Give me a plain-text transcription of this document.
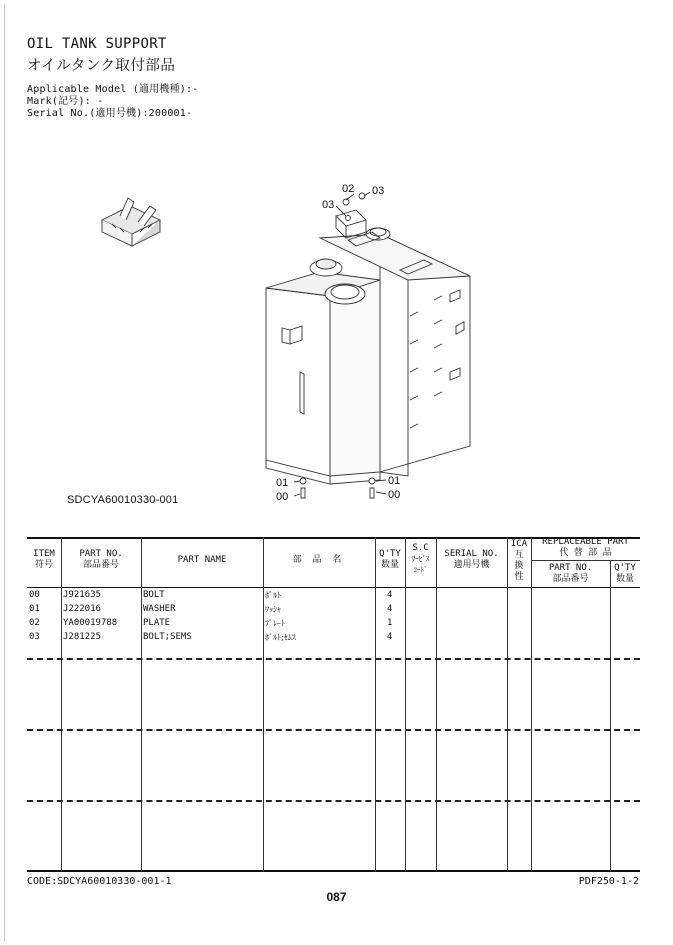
OIL TANK SUPPORT
オイルタンク取付部品
Applicable Model (適用機種):-
Mark(記号): -
Serial No.(適用号機):200001-
02 03
03
01
00
01
00
SDCYA60010330-001
ITEM
符号
PART NO.
部品番号	PART NAME	部 品 名
Q'TY
数量
S.C
ｻｰﾋﾞｽ
ｺｰﾄﾞ
SERIAL NO.
適用号機
ICA
互
換
性
REPLACEABLE PART
代 替 部 品
PART NO.
部品番号
Q'TY
数量
00	J921635	BOLT	ﾎﾞﾙﾄ	4
01	J222016	WASHER	ﾜｯｼｬ	4
02	YA00019788	PLATE	ﾌﾟﾚｰﾄ	1
03	J281225	BOLT;SEMS	ﾎﾞﾙﾄ;ｾﾑｽ	4
CODE:SDCYA60010330-001-1
087
PDF250-1-2
